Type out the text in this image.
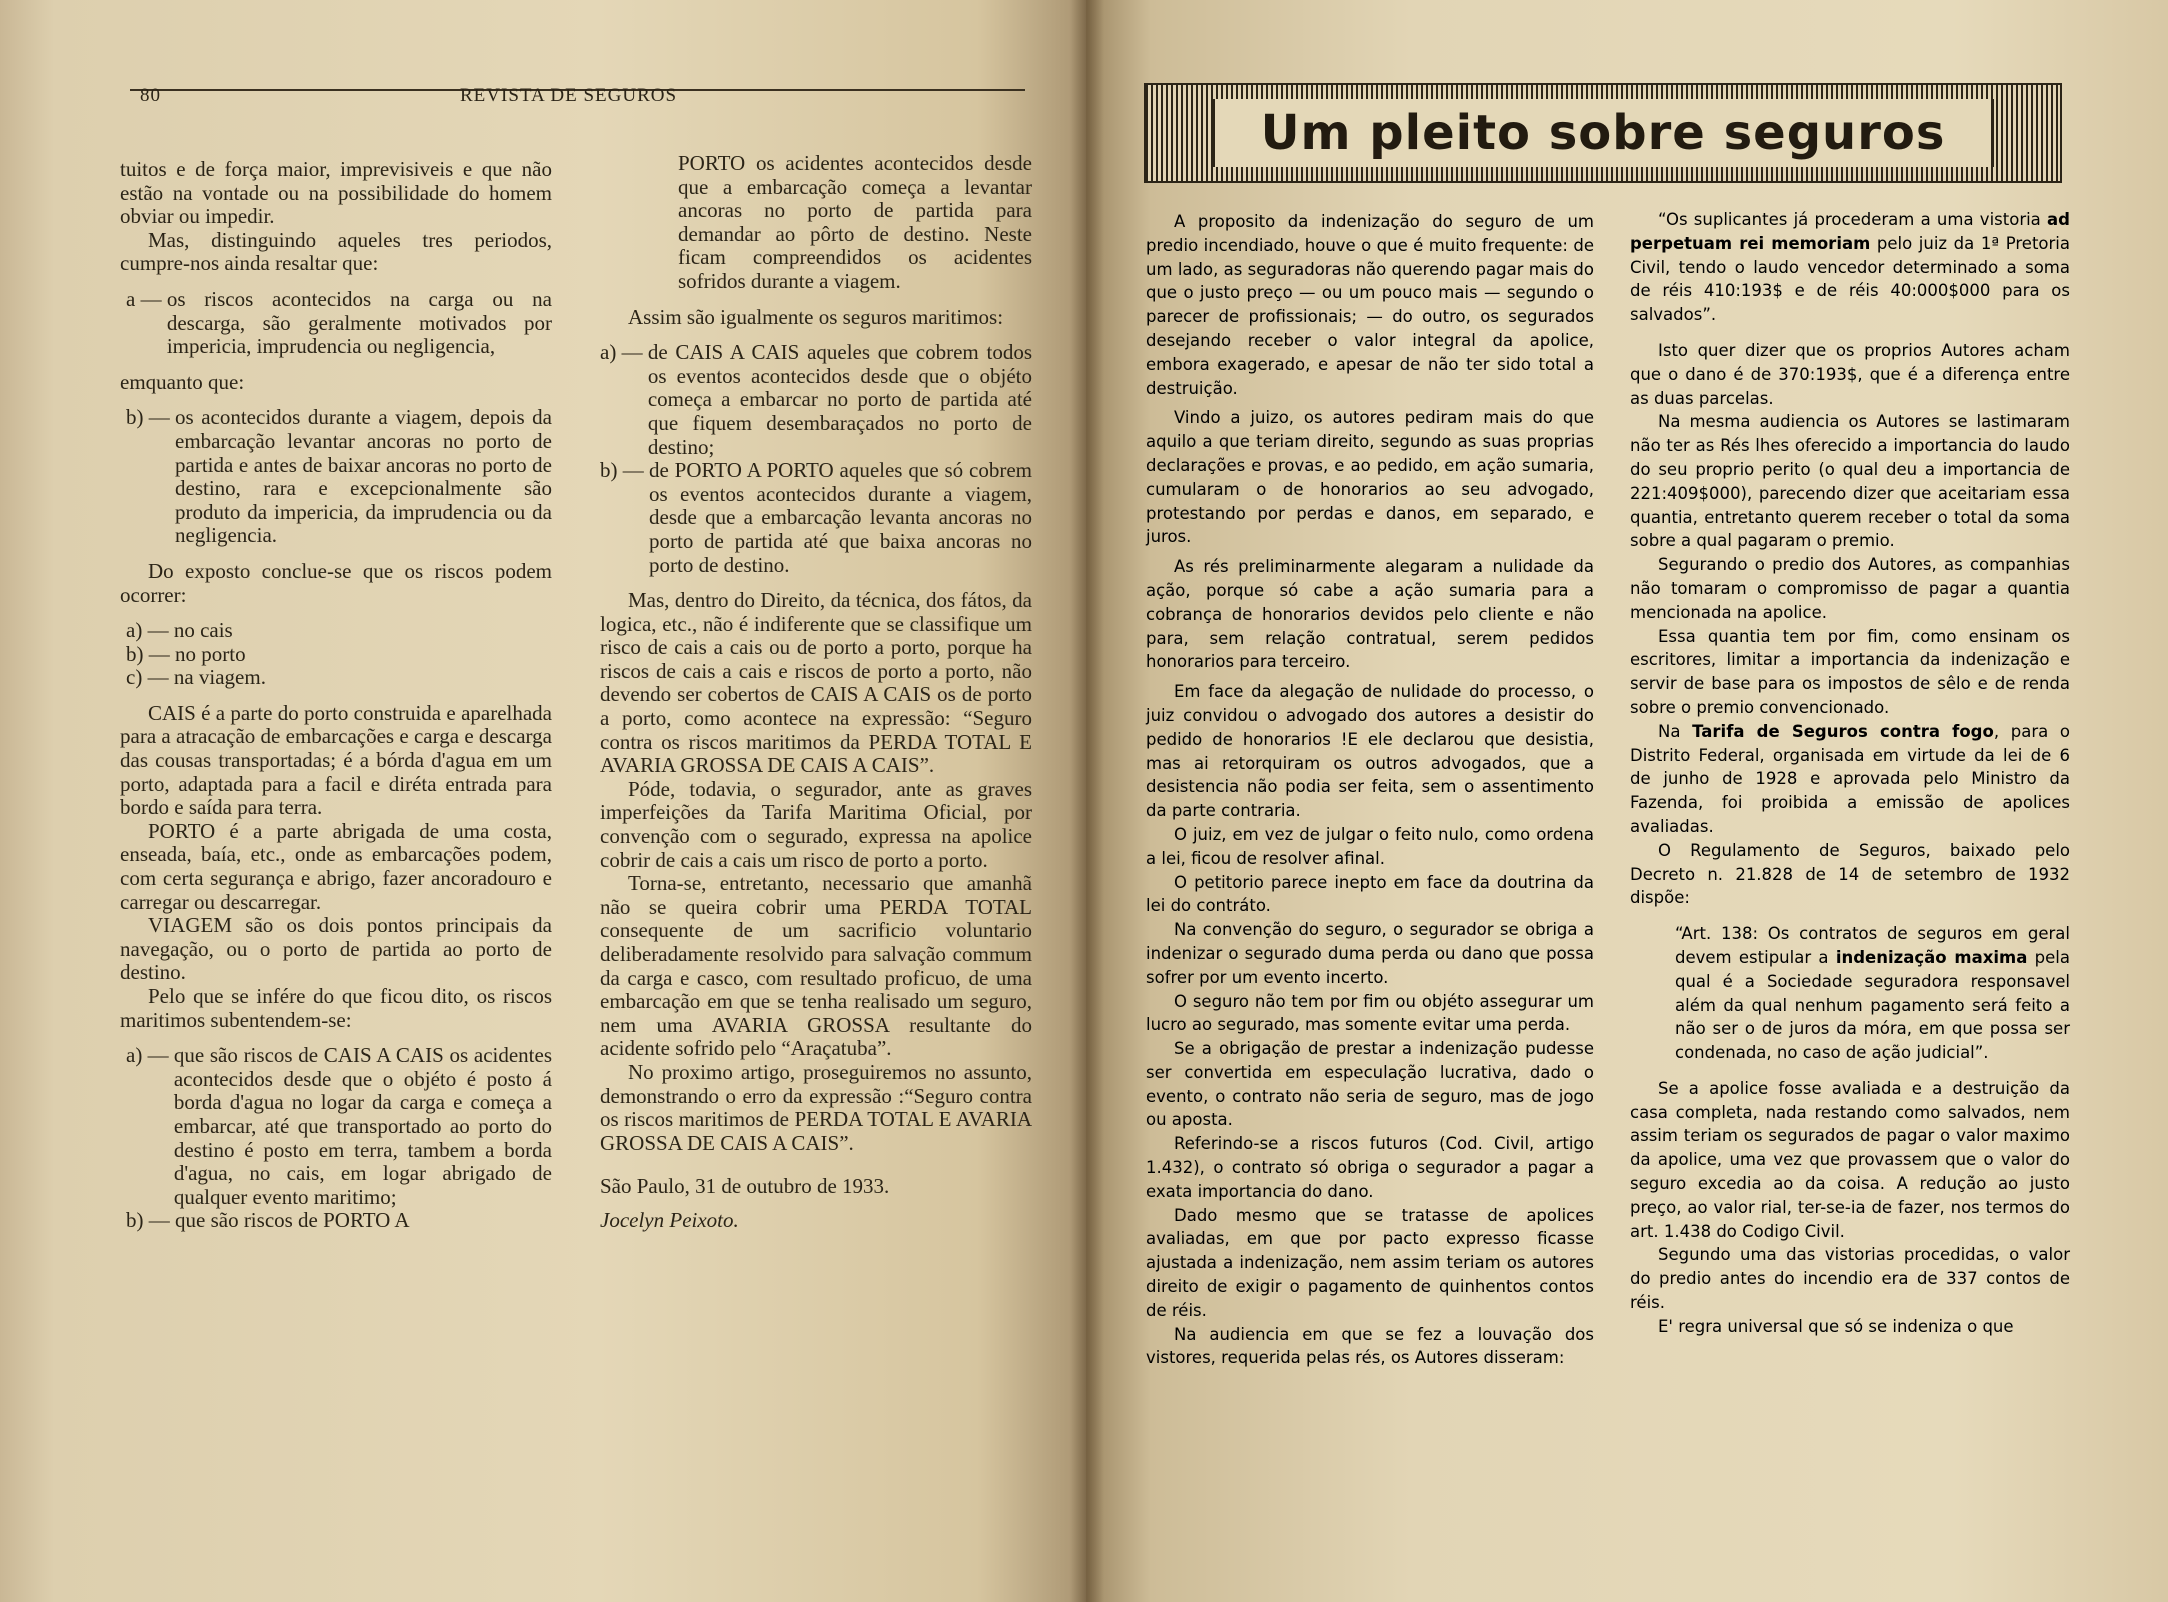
80	REVISTA DE SEGUROS

tuitos e de força maior, imprevisiveis e que não estão na vontade ou na possibilidade do homem obviar ou impedir.

Mas, distinguindo aqueles tres periodos, cumpre-nos ainda resaltar que:

a — os riscos acontecidos na carga ou na descarga, são geralmente motivados por impericia, imprudencia ou negligencia,

emquanto que:

b) — os acontecidos durante a viagem, depois da embarcação levantar ancoras no porto de partida e antes de baixar ancoras no porto de destino, rara e excepcionalmente são produto da impericia, da imprudencia ou da negligencia.

Do exposto conclue-se que os riscos podem ocorrer:

a) — no cais

b) — no porto

c) — na viagem.

CAIS é a parte do porto construida e aparelhada para a atracação de embarcações e carga e descarga das cousas transportadas; é a bórda d'agua em um porto, adaptada para a facil e diréta entrada para bordo e saída para terra.

PORTO é a parte abrigada de uma costa, enseada, baía, etc., onde as embarcações podem, com certa segurança e abrigo, fazer ancoradouro e carregar ou descarregar.

VIAGEM são os dois pontos principais da navegação, ou o porto de partida ao porto de destino.

Pelo que se infére do que ficou dito, os riscos maritimos subentendem-se:

a) — que são riscos de CAIS A CAIS os acidentes acontecidos desde que o objéto é posto á borda d'agua no logar da carga e começa a embarcar, até que transportado ao porto do destino é posto em terra, tambem a borda d'agua, no cais, em logar abrigado de qualquer evento maritimo;
b) — que são riscos de PORTO A

PORTO os acidentes acontecidos desde que a embarcação começa a levantar ancoras no porto de partida para demandar ao pôrto de destino. Neste ficam compreendidos os acidentes sofridos durante a viagem.

Assim são igualmente os seguros maritimos:

a) — de CAIS A CAIS aqueles que cobrem todos os eventos acontecidos desde que o objéto começa a embarcar no porto de partida até que fiquem desembaraçados no porto de destino;
b) — de PORTO A PORTO aqueles que só cobrem os eventos acontecidos durante a viagem, desde que a embarcação levanta ancoras no porto de partida até que baixa ancoras no porto de destino.

Mas, dentro do Direito, da técnica, dos fátos, da logica, etc., não é indiferente que se classifique um risco de cais a cais ou de porto a porto, porque ha riscos de cais a cais e riscos de porto a porto, não devendo ser cobertos de CAIS A CAIS os de porto a porto, como acontece na expressão: “Seguro contra os riscos maritimos da PERDA TOTAL E AVARIA GROSSA DE CAIS A CAIS”.

Póde, todavia, o segurador, ante as graves imperfeições da Tarifa Maritima Oficial, por convenção com o segurado, expressa na apolice cobrir de cais a cais um risco de porto a porto.

Torna-se, entretanto, necessario que amanhã não se queira cobrir uma PERDA TOTAL consequente de um sacrificio voluntario deliberadamente resolvido para salvação commum da carga e casco, com resultado proficuo, de uma embarcação em que se tenha realisado um seguro, nem uma AVARIA GROSSA resultante do acidente sofrido pelo “Araçatuba”.

No proximo artigo, proseguiremos no assunto, demonstrando o erro da expressão :“Seguro contra os riscos maritimos de PERDA TOTAL E AVARIA GROSSA DE CAIS A CAIS”.

São Paulo, 31 de outubro de 1933.

Jocelyn Peixoto.

Um pleito sobre seguros

A proposito da indenização do seguro de um predio incendiado, houve o que é muito frequente: de um lado, as seguradoras não querendo pagar mais do que o justo preço — ou um pouco mais — segundo o parecer de profissionais; — do outro, os segurados desejando receber o valor integral da apolice, embora exagerado, e apesar de não ter sido total a destruição.

Vindo a juizo, os autores pediram mais do que aquilo a que teriam direito, segundo as suas proprias declarações e provas, e ao pedido, em ação sumaria, cumularam o de honorarios ao seu advogado, protestando por perdas e danos, em separado, e juros.

As rés preliminarmente alegaram a nulidade da ação, porque só cabe a ação sumaria para a cobrança de honorarios devidos pelo cliente e não para, sem relação contratual, serem pedidos honorarios para terceiro.

Em face da alegação de nulidade do processo, o juiz convidou o advogado dos autores a desistir do pedido de honorarios !E ele declarou que desistia, mas ai retorquiram os outros advogados, que a desistencia não podia ser feita, sem o assentimento da parte contraria.

O juiz, em vez de julgar o feito nulo, como ordena a lei, ficou de resolver afinal.

O petitorio parece inepto em face da doutrina da lei do contráto.

Na convenção do seguro, o segurador se obriga a indenizar o segurado duma perda ou dano que possa sofrer por um evento incerto.

O seguro não tem por fim ou objéto assegurar um lucro ao segurado, mas somente evitar uma perda.

Se a obrigação de prestar a indenização pudesse ser convertida em especulação lucrativa, dado o evento, o contrato não seria de seguro, mas de jogo ou aposta.

Referindo-se a riscos futuros (Cod. Civil, artigo 1.432), o contrato só obriga o segurador a pagar a exata importancia do dano.

Dado mesmo que se tratasse de apolices avaliadas, em que por pacto expresso ficasse ajustada a indenização, nem assim teriam os autores direito de exigir o pagamento de quinhentos contos de réis.

Na audiencia em que se fez a louvação dos vistores, requerida pelas rés, os Autores disseram:

“Os suplicantes já procederam a uma vistoria ad perpetuam rei memoriam pelo juiz da 1ª Pretoria Civil, tendo o laudo vencedor determinado a soma de réis 410:193$ e de réis 40:000$000 para os salvados”.

Isto quer dizer que os proprios Autores acham que o dano é de 370:193$, que é a diferença entre as duas parcelas.

Na mesma audiencia os Autores se lastimaram não ter as Rés lhes oferecido a importancia do laudo do seu proprio perito (o qual deu a importancia de 221:409$000), parecendo dizer que aceitariam essa quantia, entretanto querem receber o total da soma sobre a qual pagaram o premio.

Segurando o predio dos Autores, as companhias não tomaram o compromisso de pagar a quantia mencionada na apolice.

Essa quantia tem por fim, como ensinam os escritores, limitar a importancia da indenização e servir de base para os impostos de sêlo e de renda sobre o premio convencionado.

Na Tarifa de Seguros contra fogo, para o Distrito Federal, organisada em virtude da lei de 6 de junho de 1928 e aprovada pelo Ministro da Fazenda, foi proibida a emissão de apolices avaliadas.

O Regulamento de Seguros, baixado pelo Decreto n. 21.828 de 14 de setembro de 1932 dispõe:

“Art. 138: Os contratos de seguros em geral devem estipular a indenização maxima pela qual é a Sociedade seguradora responsavel além da qual nenhum pagamento será feito a não ser o de juros da móra, em que possa ser condenada, no caso de ação judicial”.

Se a apolice fosse avaliada e a destruição da casa completa, nada restando como salvados, nem assim teriam os segurados de pagar o valor maximo da apolice, uma vez que provassem que o valor do seguro excedia ao da coisa. A redução ao justo preço, ao valor rial, ter-se-ia de fazer, nos termos do art. 1.438 do Codigo Civil.

Segundo uma das vistorias procedidas, o valor do predio antes do incendio era de 337 contos de réis.

E' regra universal que só se indeniza o que
